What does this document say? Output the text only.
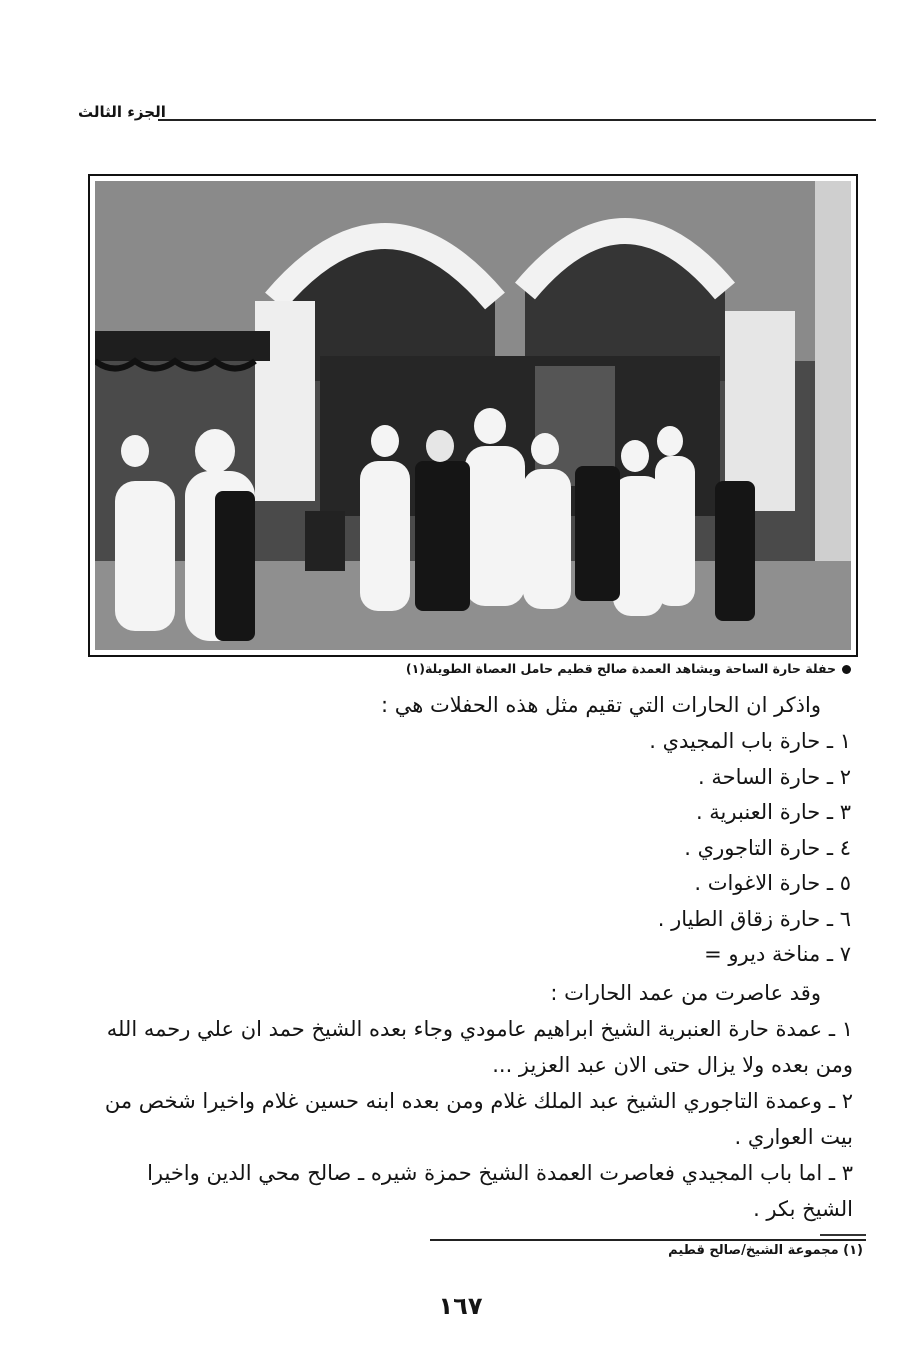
الجزء الثالث
حفلة حارة الساحة ويشاهد العمدة صالح قطيم حامل العصاة الطويلة(١)
واذكر ان الحارات التي تقيم مثل هذه الحفلات هي :
١ ـ حارة باب المجيدي .
٢ ـ حارة الساحة .
٣ ـ حارة العنبرية .
٤ ـ حارة التاجوري .
٥ ـ حارة الاغوات .
٦ ـ حارة زقاق الطيار .
٧ ـ مناخة ديرو =
وقد عاصرت من عمد الحارات :
١ ـ عمدة حارة العنبرية الشيخ ابراهيم عامودي وجاء بعده الشيخ حمد ان علي رحمه الله
ومن بعده ولا يزال حتى الان عبد العزيز ...
٢ ـ وعمدة التاجوري الشيخ عبد الملك غلام ومن بعده ابنه حسين غلام واخيرا شخص من
بيت العواري .
٣ ـ اما باب المجيدي فعاصرت العمدة الشيخ حمزة شيره ـ صالح محي الدين واخيرا
الشيخ بكر .
(١) مجموعة الشيخ/صالح قطيم
١٦٧
